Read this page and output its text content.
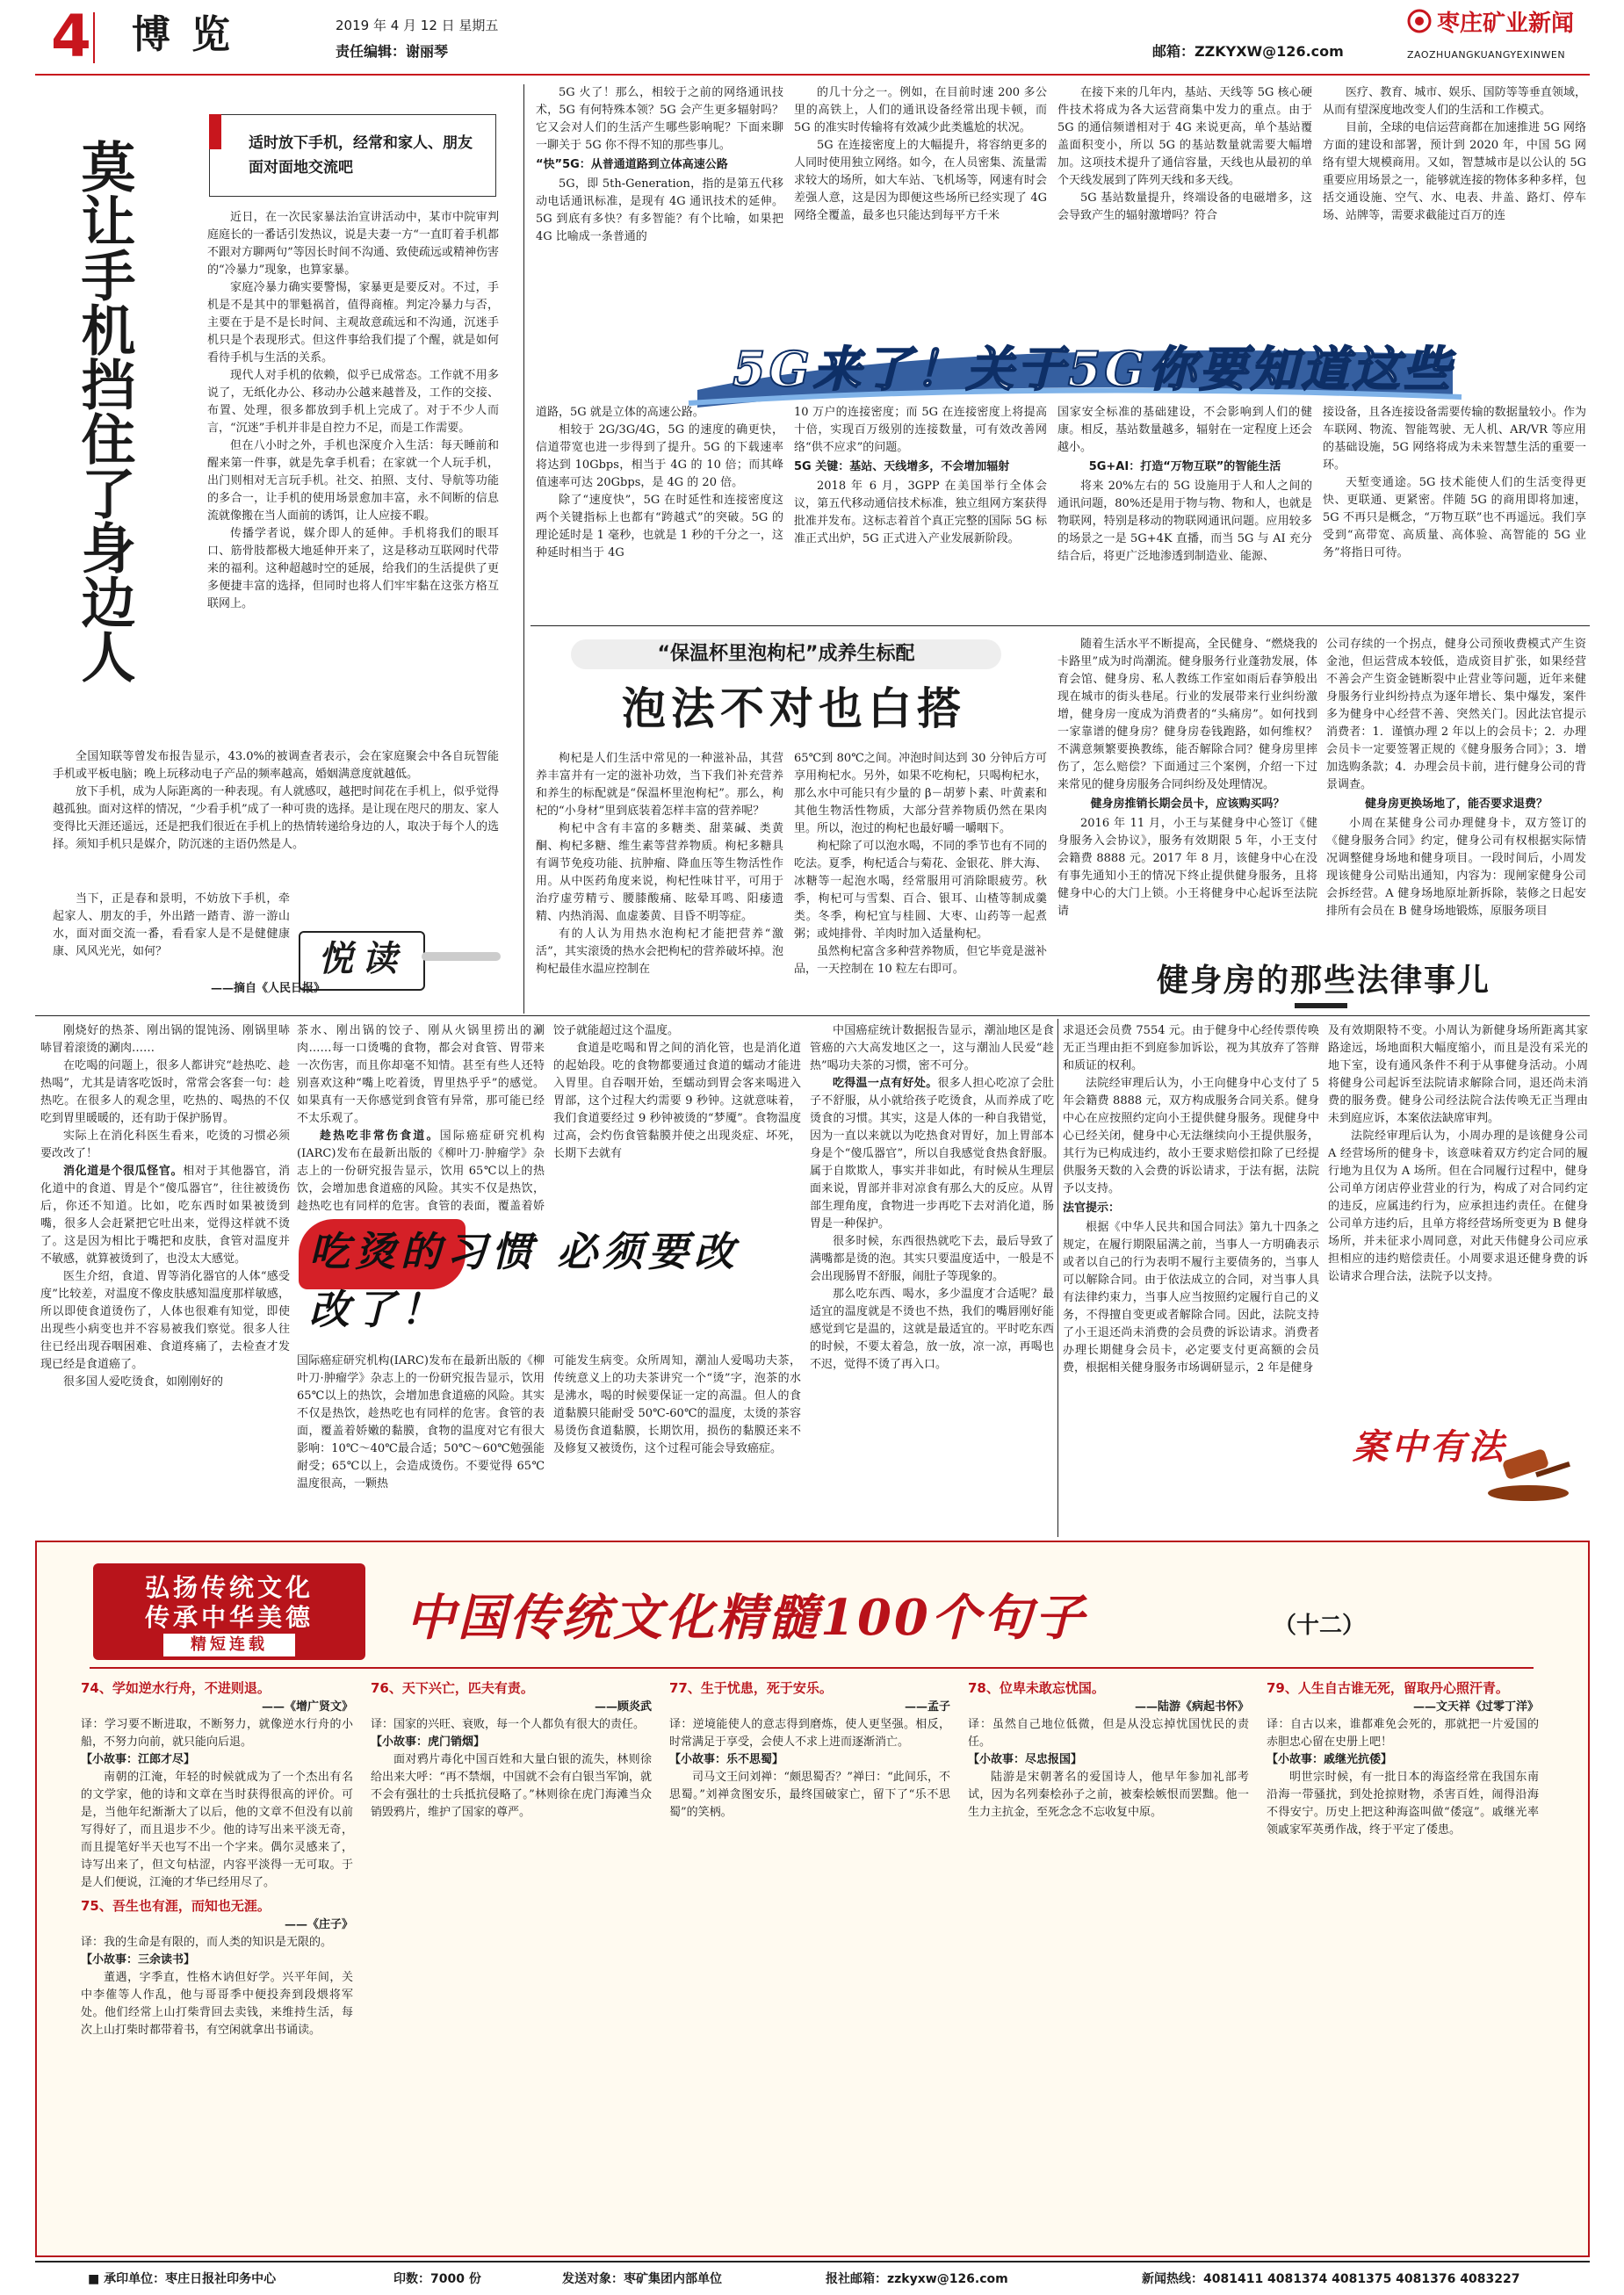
4 博览	2019 年 4 月 12 日 星期五
责任编辑：谢丽琴	邮箱：ZZKYXW@126.com
枣庄矿业新闻
ZAOZHUANGKUANGYEXINWEN
莫让手机挡住了身边人	适时放下手机，经常和家人、朋友面对面地交流吧

近日，在一次民家暴法治宣讲活动中，某市中院审判庭庭长的一番话引发热议，说是夫妻一方“一直盯着手机都不跟对方聊两句”等因长时间不沟通、致使疏远或精神伤害的“冷暴力”现象，也算家暴。

家庭冷暴力确实要警惕，家暴更是要反对。不过，手机是不是其中的罪魁祸首，值得商榷。判定冷暴力与否，主要在于是不是长时间、主观故意疏远和不沟通，沉迷手机只是个表现形式。但这件事给我们提了个醒，就是如何看待手机与生活的关系。

现代人对手机的依赖，似乎已成常态。工作就不用多说了，无纸化办公、移动办公越来越普及，工作的交接、布置、处理，很多都放到手机上完成了。对于不少人而言，“沉迷”手机并非是自控力不足，而是工作需要。

但在八小时之外，手机也深度介入生活：每天睡前和醒来第一件事，就是先拿手机看；在家就一个人玩手机，出门则相对无言玩手机。社交、拍照、支付、导航等功能的多合一，让手机的使用场景愈加丰富，永不间断的信息流就像搬在当人面前的诱饵，让人应接不暇。

传播学者说，媒介即人的延伸。手机将我们的眼耳口、筋骨肢都极大地延伸开来了，这是移动互联网时代带来的福利。这种超越时空的延展，给我们的生活提供了更多便捷丰富的选择，但同时也将人们牢牢黏在这张方格互联网上。

全国知联等曾发布报告显示，43.0%的被调查者表示，会在家庭聚会中各自玩智能手机或平板电脑；晚上玩移动电子产品的频率越高，婚姻满意度就越低。

放下手机，成为人际距离的一种表现。有人就感叹，越把时间花在手机上，似乎觉得越孤独。面对这样的情况，“少看手机”成了一种可贵的选择。是让现在咫尺的朋友、家人变得比天涯还遥远，还是把我们很近在手机上的热情转递给身边的人，取决于每个人的选择。须知手机只是媒介，防沉迷的主语仍然是人。

当下，正是春和景明，不妨放下手机，牵起家人、朋友的手，外出踏一踏青、游一游山水，面对面交流一番，看看家人是不是健健康康、风风光光，如何？

——摘自《人民日报》
悦读

5G 火了！那么，相较于之前的网络通讯技术，5G 有何特殊本领？5G 会产生更多辐射吗？它又会对人们的生活产生哪些影响呢？下面来聊一聊关于 5G 你不得不知的那些事儿。

“快”5G：从普通道路到立体高速公路

5G，即 5th-Generation，指的是第五代移动电话通讯标准，是现有 4G 通讯技术的延伸。5G 到底有多快？有多智能？有个比喻，如果把 4G 比喻成一条普通的

的几十分之一。例如，在目前时速 200 多公里的高铁上，人们的通讯设备经常出现卡顿，而 5G 的准实时传输将有效减少此类尴尬的状况。

5G 在连接密度上的大幅提升，将容纳更多的人同时使用独立网络。如今，在人员密集、流量需求较大的场所，如大车站、飞机场等，网速有时会差强人意，这是因为即便这些场所已经实现了 4G 网络全覆盖，最多也只能达到每平方千米

在接下来的几年内，基站、天线等 5G 核心硬件技术将成为各大运营商集中发力的重点。由于 5G 的通信频谱相对于 4G 来说更高，单个基站覆盖面积变小，所以 5G 的基站数量就需要大幅增加。这项技术提升了通信容量，天线也从最初的单个天线发展到了阵列天线和多天线。

5G 基站数量提升，终端设备的电磁增多，这会导致产生的辐射激增吗？符合

医疗、教育、城市、娱乐、国防等等垂直领域，从而有望深度地改变人们的生活和工作模式。

目前，全球的电信运营商都在加速推进 5G 网络方面的建设和部署，预计到 2020 年，中国 5G 网络有望大规模商用。又如，智慧城市是以公认的 5G 重要应用场景之一，能够就连接的物体多种多样，包括交通设施、空气、水、电表、井盖、路灯、停车场、站牌等，需要求截能过百万的连

5G来了！关于5G你要知道这些

道路，5G 就是立体的高速公路。

相较于 2G/3G/4G，5G 的速度的确更快，信道带宽也进一步得到了提升。5G 的下载速率将达到 10Gbps，相当于 4G 的 10 倍；而其峰值速率可达 20Gbps，是 4G 的 20 倍。

除了“速度快”，5G 在时延性和连接密度这两个关键指标上也都有“跨越式”的突破。5G 的理论延时是 1 毫秒，也就是 1 秒的千分之一，这种延时相当于 4G

10 万户的连接密度；而 5G 在连接密度上将提高十倍，实现百万级别的连接数量，可有效改善网络“供不应求”的问题。

5G 关键：基站、天线增多，不会增加辐射

2018 年 6 月，3GPP 在美国举行全体会议，第五代移动通信技术标准，独立组网方案获得批准并发布。这标志着首个真正完整的国际 5G 标准正式出炉，5G 正式进入产业发展新阶段。

国家安全标准的基础建设，不会影响到人们的健康。相反，基站数量越多，辐射在一定程度上还会越小。

5G+AI：打造“万物互联”的智能生活

将来 20%左右的 5G 设施用于人和人之间的通讯问题，80%还是用于物与物、物和人，也就是物联网，特别是移动的物联网通讯问题。应用较多的场景之一是 5G+4K 直播，而当 5G 与 AI 充分结合后，将更广泛地渗透到制造业、能源、

接设备，且各连接设备需要传输的数据量较小。作为车联网、物流、智能驾驶、无人机、AR/VR 等应用的基础设施，5G 网络将成为未来智慧生活的重要一环。

天堑变通途。5G 技术能使人们的生活变得更快、更联通、更紧密。伴随 5G 的商用即将加速，5G 不再只是概念，“万物互联”也不再遥远。我们享受到“高带宽、高质量、高体验、高智能的 5G 业务”将指日可待。

“保温杯里泡枸杞”成养生标配
泡法不对也白搭

枸杞是人们生活中常见的一种滋补品，其营养丰富并有一定的滋补功效，当下我们补充营养和养生的标配就是“保温杯里泡枸杞”。那么，枸杞的“小身材”里到底装着怎样丰富的营养呢？

枸杞中含有丰富的多糖类、甜菜碱、类黄酮、枸杞多糖、维生素等营养物质。枸杞多糖具有调节免疫功能、抗肿瘤、降血压等生物活性作用。从中医药角度来说，枸杞性味甘平，可用于治疗虚劳精亏、腰膝酸痛、眩晕耳鸣、阳痿遗精、内热消渴、血虚萎黄、目昏不明等症。

有的人认为用热水泡枸杞才能把营养“激活”，其实滚烫的热水会把枸杞的营养破坏掉。泡枸杞最佳水温应控制在

65℃到 80℃之间。冲泡时间达到 30 分钟后方可享用枸杞水。另外，如果不吃枸杞，只喝枸杞水，那么水中可能只有少量的 β－胡萝卜素、叶黄素和其他生物活性物质，大部分营养物质仍然在果肉里。所以，泡过的枸杞也最好嚼一嚼咽下。

枸杞除了可以泡水喝，不同的季节也有不同的吃法。夏季，枸杞适合与菊花、金银花、胖大海、冰糖等一起泡水喝，经常服用可消除眼疲劳。秋季，枸杞可与雪梨、百合、银耳、山楂等制成羹类。冬季，枸杞宜与桂圆、大枣、山药等一起煮粥；或炖排骨、羊肉时加入适量枸杞。

虽然枸杞富含多种营养物质，但它毕竟是滋补品，一天控制在 10 粒左右即可。

随着生活水平不断提高，全民健身、“燃烧我的卡路里”成为时尚潮流。健身服务行业蓬勃发展，体育会馆、健身房、私人教练工作室如雨后春笋般出现在城市的街头巷尾。行业的发展带来行业纠纷激增，健身房一度成为消费者的“头痛房”。如何找到一家靠谱的健身房？健身房卷钱跑路，如何维权？不满意频繁要换教练，能否解除合同？健身房里摔伤了，怎么赔偿？下面通过三个案例，介绍一下过来常见的健身房服务合同纠纷及处理情况。

健身房推销长期会员卡，应该购买吗？

2016 年 11 月，小王与某健身中心签订《健身服务入会协议》，服务有效期限 5 年，小王支付会籍费 8888 元。2017 年 8 月，该健身中心在没有事先通知小王的情况下终止提供健身服务，且将健身中心的大门上锁。小王将健身中心起诉至法院请

公司存续的一个拐点，健身公司预收费模式产生资金池，但运营成本较低，造成资目扩张，如果经营不善会产生资金链断裂中止营业等问题，近年来健身服务行业纠纷持点为逐年增长、集中爆发，案件多为健身中心经营不善、突然关门。因此法官提示消费者：1．谨慎办理 2 年以上的会员卡；2．办理会员卡一定要签署正规的《健身服务合同》；3．增加选购条款；4．办理会员卡前，进行健身公司的背景调查。

健身房更换场地了，能否要求退费？

小周在某健身公司办理健身卡，双方签订的《健身服务合同》约定，健身公司有权根据实际情况调整健身场地和健身项目。一段时间后，小周发现该健身公司贴出通知，内容为：现闸家健身公司会拆经营。A 健身场地原址新拆除，装修之日起安排所有会员在 B 健身场地锻炼，原服务项目

健身房的那些法律事儿

刚烧好的热茶、刚出锅的馄饨汤、刚锅里哧哧冒着滚烫的涮肉……

在吃喝的问题上，很多人都讲究“趁热吃、趁热喝”，尤其是请客吃饭时，常常会客套一句：趁热吃。在很多人的观念里，吃热的、喝热的不仅吃到胃里暖暖的，还有助于保护肠胃。

实际上在消化科医生看来，吃烫的习惯必须要改改了！

消化道是个很瓜怪官。相对于其他器官，消化道中的食道、胃是个“傻瓜器官”，往往被烫伤后，你还不知道。比如，吃东西时如果被烫到嘴，很多人会赶紧把它吐出来，觉得这样就不烫了。这是因为相比于嘴把和皮肤，食管对温度并不敏感，就算被烫到了，也没太大感觉。

医生介绍，食道、胃等消化器官的人体“感受度”比较差，对温度不像皮肤感知温度那样敏感，所以即使食道烫伤了，人体也很难有知觉，即使出现些小病变也并不容易被我们察觉。很多人往往已经出现吞咽困难、食道疼痛了，去检查才发现已经是食道癌了。

很多国人爱吃烫食，如刚刚好的

茶水、刚出锅的饺子、刚从火锅里捞出的涮肉……每一口烫嘴的食物，都会对食管、胃带来一次伤害，而且你却毫不知情。甚至有些人还特别喜欢这种“嘴上吃着烫，胃里热乎乎”的感觉。如果真有一天你感觉到食管有异常，那可能已经不太乐观了。

趁热吃非常伤食道。国际癌症研究机构(IARC)发布在最新出版的《柳叶刀·肿瘤学》杂志上的一份研究报告显示，饮用 65℃以上的热饮，会增加患食道癌的风险。其实不仅是热饮，趁热吃也有同样的危害。食管的表面，覆盖着娇

饺子就能超过这个温度。

食道是吃喝和胃之间的消化管，也是消化道的起始段。吃的食物都要通过食道的蠕动才能进入胃里。自吞咽开始，至蠕动到胃会客来喝进入胃部，这个过程大约需要 9 秒钟。这就意味着，我们食道要经过 9 秒钟被烫的“梦魇”。食物温度过高，会灼伤食管黏膜并使之出现炎症、坏死，长期下去就有

吃烫的习惯 必须要改改了！

国际癌症研究机构(IARC)发布在最新出版的《柳叶刀·肿瘤学》杂志上的一份研究报告显示，饮用 65℃以上的热饮，会增加患食道癌的风险。其实不仅是热饮，趁热吃也有同样的危害。食管的表面，覆盖着娇嫩的黏膜，食物的温度对它有很大影响：10℃～40℃最合适；50℃～60℃勉强能耐受；65℃以上，会造成烫伤。不要觉得 65℃温度很高，一颗热

可能发生病变。众所周知，潮汕人爱喝功夫茶，传统意义上的功夫茶讲究一个“烫”字，泡茶的水是沸水，喝的时候要保证一定的高温。但人的食道黏膜只能耐受 50℃-60℃的温度，太烫的茶容易烫伤食道黏膜，长期饮用，损伤的黏膜还来不及修复又被烫伤，这个过程可能会导致癌症。

中国癌症统计数据报告显示，潮汕地区是食管癌的六大高发地区之一，这与潮汕人民爱“趁热”喝功夫茶的习惯，密不可分。

吃得温一点有好处。很多人担心吃凉了会肚子不舒服，从小就给孩子吃烫食，从而养成了吃烫食的习惯。其实，这是人体的一种自我错觉，因为一直以来就以为吃热食对胃好，加上胃部本身是个“傻瓜器官”，所以自我感觉食热食舒服。属于自欺欺人，事实并非如此，有时候从生理层面来说，胃部并非对凉食有那么大的反应。从胃部生理角度，食物进一步再吃下去对消化道，肠胃是一种保护。

很多时候，东西很热就吃下去，最后导致了满嘴都是烫的泡。其实只要温度适中，一般是不会出现肠胃不舒服，闹肚子等现象的。

那么吃东西、喝水，多少温度才合适呢？最适宜的温度就是不烫也不热，我们的嘴唇刚好能感觉到它是温的，这就是最适宜的。平时吃东西的时候，不要太着急，放一放，凉一凉，再喝也不迟，觉得不烫了再入口。

求退还会员费 7554 元。由于健身中心经传票传唤无正当理由拒不到庭参加诉讼，视为其放弃了答辩和质证的权利。

法院经审理后认为，小王向健身中心支付了 5 年会籍费 8888 元，双方构成服务合同关系。健身中心在应按照约定向小王提供健身服务。现健身中心已经关闭，健身中心无法继续向小王提供服务，其行为已构成违约，故小王要求赔偿扣除了已经提供服务天数的入会费的诉讼请求，于法有据，法院予以支持。

法官提示：

根据《中华人民共和国合同法》第九十四条之规定，在履行期限届满之前，当事人一方明确表示或者以自己的行为表明不履行主要债务的，当事人可以解除合同。由于依法成立的合同，对当事人具有法律约束力，当事人应当按照约定履行自己的义务，不得擅自变更或者解除合同。因此，法院支持了小王退还尚未消费的会员费的诉讼请求。消费者办理长期健身会员卡，必定要支付更高额的会员费，根据相关健身服务市场调研显示，2 年是健身

及有效期限特不变。小周认为新健身场所距离其家路途远，场地面积大幅度缩小，而且是没有采光的地下室，设有通风条件不利于从事健身活动。小周将健身公司起诉至法院请求解除合同，退还尚未消费的服务费。健身公司经法院合法传唤无正当理由未到庭应诉，本案依法缺席审判。

法院经审理后认为，小周办理的是该健身公司 A 经营场所的健身卡，该意味着双方约定合同的履行地为且仅为 A 场所。但在合同履行过程中，健身公司单方闭店停业营业的行为，构成了对合同约定的违反，应属违约行为，应承担违约责任。在健身公司单方违约后，且单方将经营场所变更为 B 健身场所，并未征求小周同意，对此天伟健身公司应承担相应的违约赔偿责任。小周要求退还健身费的诉讼请求合理合法，法院予以支持。

案中有法
弘扬传统文化
传承中华美德
精短连载	中国传统文化精髓100个句子	（十二）
74、学如逆水行舟，不进则退。
——《增广贤文》
译：学习要不断进取，不断努力，就像逆水行舟的小船，不努力向前，就只能向后退。
【小故事：江郎才尽】
南朝的江淹，年轻的时候就成为了一个杰出有名的文学家，他的诗和文章在当时获得很高的评价。可是，当他年纪渐渐大了以后，他的文章不但没有以前写得好了，而且退步不少。他的诗写出来平淡无奇，而且提笔好半天也写不出一个字来。偶尔灵感来了，诗写出来了，但文句枯涩，内容平淡得一无可取。于是人们便说，江淹的才华已经用尽了。
75、吾生也有涯，而知也无涯。
——《庄子》
译：我的生命是有限的，而人类的知识是无限的。
【小故事：三余读书】
董遇，字季直，性格木讷但好学。兴平年间，关中李傕等人作乱，他与哥哥季中便投奔到段煨将军处。他们经常上山打柴背回去卖钱，来维持生活，每次上山打柴时都带着书，有空闲就拿出书诵读。
76、天下兴亡，匹夫有责。
——顾炎武
译：国家的兴旺、衰败，每一个人都负有很大的责任。
【小故事：虎门销烟】
面对鸦片毒化中国百姓和大量白银的流失，林则徐给出来大呼：“再不禁烟，中国就不会有白银当军饷，就不会有强壮的士兵抵抗侵略了。”林则徐在虎门海滩当众销毁鸦片，维护了国家的尊严。
77、生于忧患，死于安乐。
——孟子
译：逆境能使人的意志得到磨炼，使人更坚强。相反，时常满足于享受，会使人不求上进而逐渐消亡。
【小故事：乐不思蜀】
司马文王问刘禅：“颇思蜀否？”禅曰：“此间乐，不思蜀。”刘禅贪图安乐，最终国破家亡，留下了“乐不思蜀”的笑柄。
78、位卑未敢忘忧国。
——陆游《病起书怀》
译：虽然自己地位低微，但是从没忘掉忧国忧民的责任。
【小故事：尽忠报国】
陆游是宋朝著名的爱国诗人，他早年参加礼部考试，因为名列秦桧孙子之前，被秦桧嫉恨而罢黜。他一生力主抗金，至死念念不忘收复中原。
79、人生自古谁无死，留取丹心照汗青。
——文天祥《过零丁洋》
译：自古以来，谁都难免会死的，那就把一片爱国的赤胆忠心留在史册上吧！
【小故事：戚继光抗倭】
明世宗时候，有一批日本的海盗经常在我国东南沿海一带骚扰，到处抢掠财物，杀害百姓，闹得沿海不得安宁。历史上把这种海盗叫做“倭寇”。戚继光率领戚家军英勇作战，终于平定了倭患。
■ 承印单位：枣庄日报社印务中心	印数：7000 份	发送对象：枣矿集团内部单位	报社邮箱：zzkyxw@126.com	新闻热线：4081411 4081374 4081375 4081376 4083227
